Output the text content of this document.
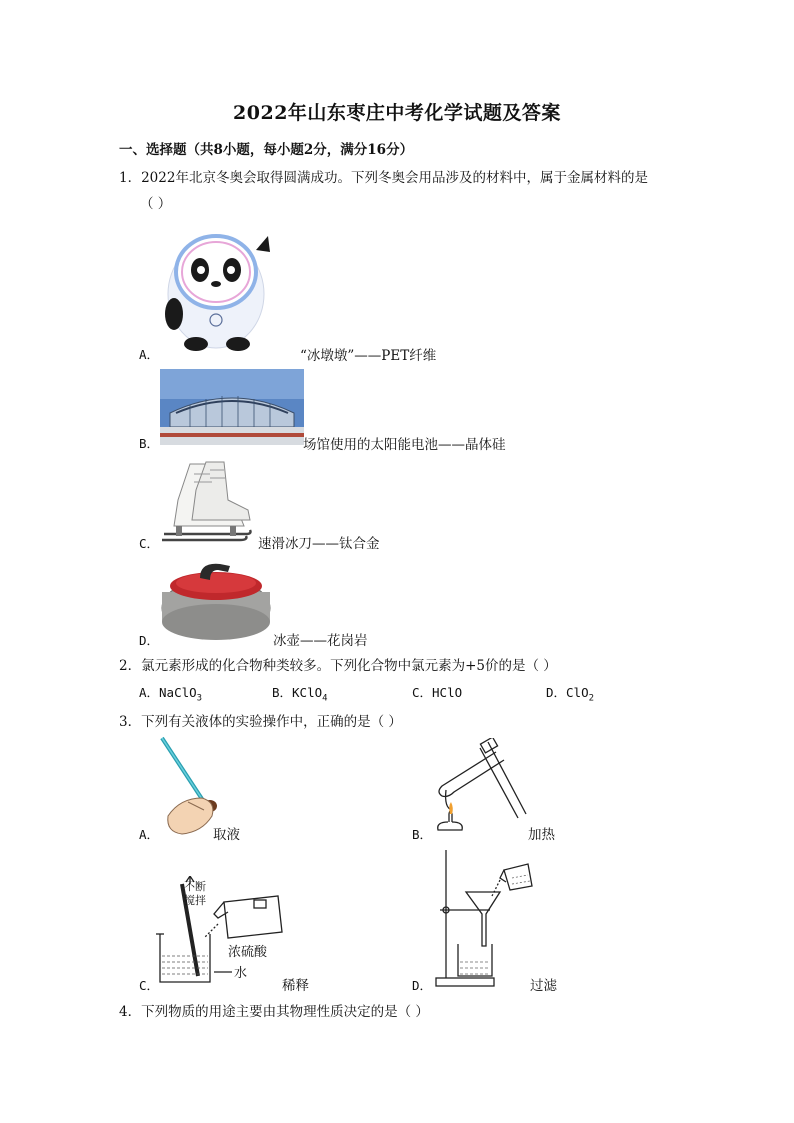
2022年山东枣庄中考化学试题及答案
一、选择题（共8小题，每小题2分，满分16分）
1．2022年北京冬奥会取得圆满成功。下列冬奥会用品涉及的材料中，属于金属材料的是
（ ）
A．	“冰墩墩”——PET纤维
B．	场馆使用的太阳能电池——晶体硅
C．	速滑冰刀——钛合金
D．	冰壶——花岗岩
2．氯元素形成的化合物种类较多。下列化合物中氯元素为+5价的是（ ）
A．NaClO$_3$	B．KClO$_4$	C．HClO	D．ClO$_2$
3．下列有关液体的实验操作中，正确的是（ ）
A．	取液	B．	加热
不断
搅拌
浓硫酸
水
C．	稀释	D．	过滤
4．下列物质的用途主要由其物理性质决定的是（ ）
